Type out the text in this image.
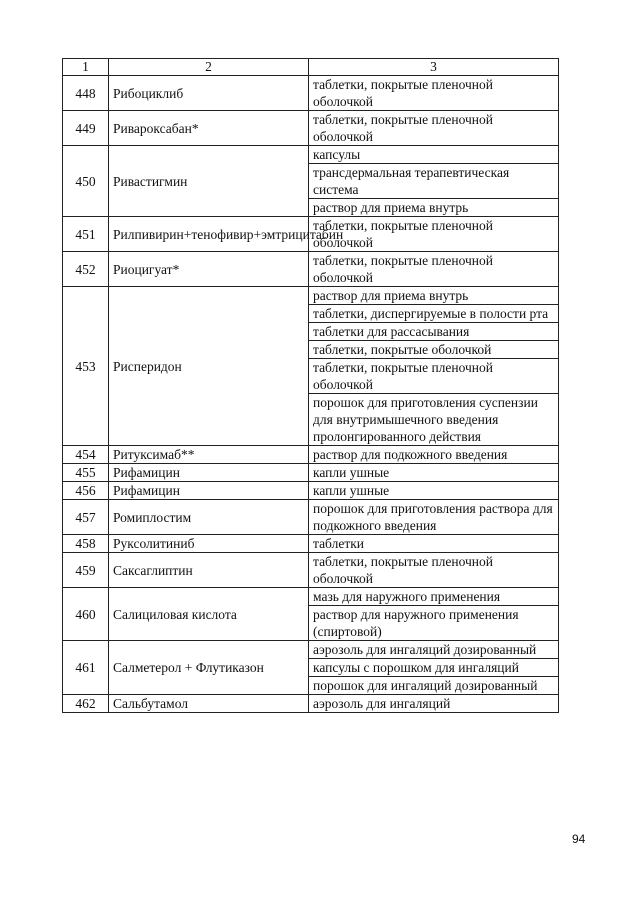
1	2	3
448	Рибоциклиб	таблетки, покрытые пленочной оболочкой
449	Ривароксабан*	таблетки, покрытые пленочной оболочкой
450	Ривастигмин	капсулы
		трансдермальная терапевтическая система
		раствор для приема внутрь
451	Рилпивирин+тенофивир+эмтрицитабин	таблетки, покрытые пленочной оболочкой
452	Риоцигуат*	таблетки, покрытые пленочной оболочкой
453	Рисперидон	раствор для приема внутрь
		таблетки, диспергируемые в полости рта
		таблетки для рассасывания
		таблетки, покрытые оболочкой
		таблетки, покрытые пленочной оболочкой
		порошок для приготовления суспензии для внутримышечного введения пролонгированного действия
454	Ритуксимаб**	раствор для подкожного введения
455	Рифамицин	капли ушные
456	Рифамицин	капли ушные
457	Ромиплостим	порошок для приготовления раствора для подкожного введения
458	Руксолитиниб	таблетки
459	Саксаглиптин	таблетки, покрытые пленочной оболочкой
460	Салициловая кислота	мазь для наружного применения
		раствор для наружного применения (спиртовой)
461	Салметерол + Флутиказон	аэрозоль для ингаляций дозированный
		капсулы с порошком для ингаляций
		порошок для ингаляций дозированный
462	Сальбутамол	аэрозоль для ингаляций
94
